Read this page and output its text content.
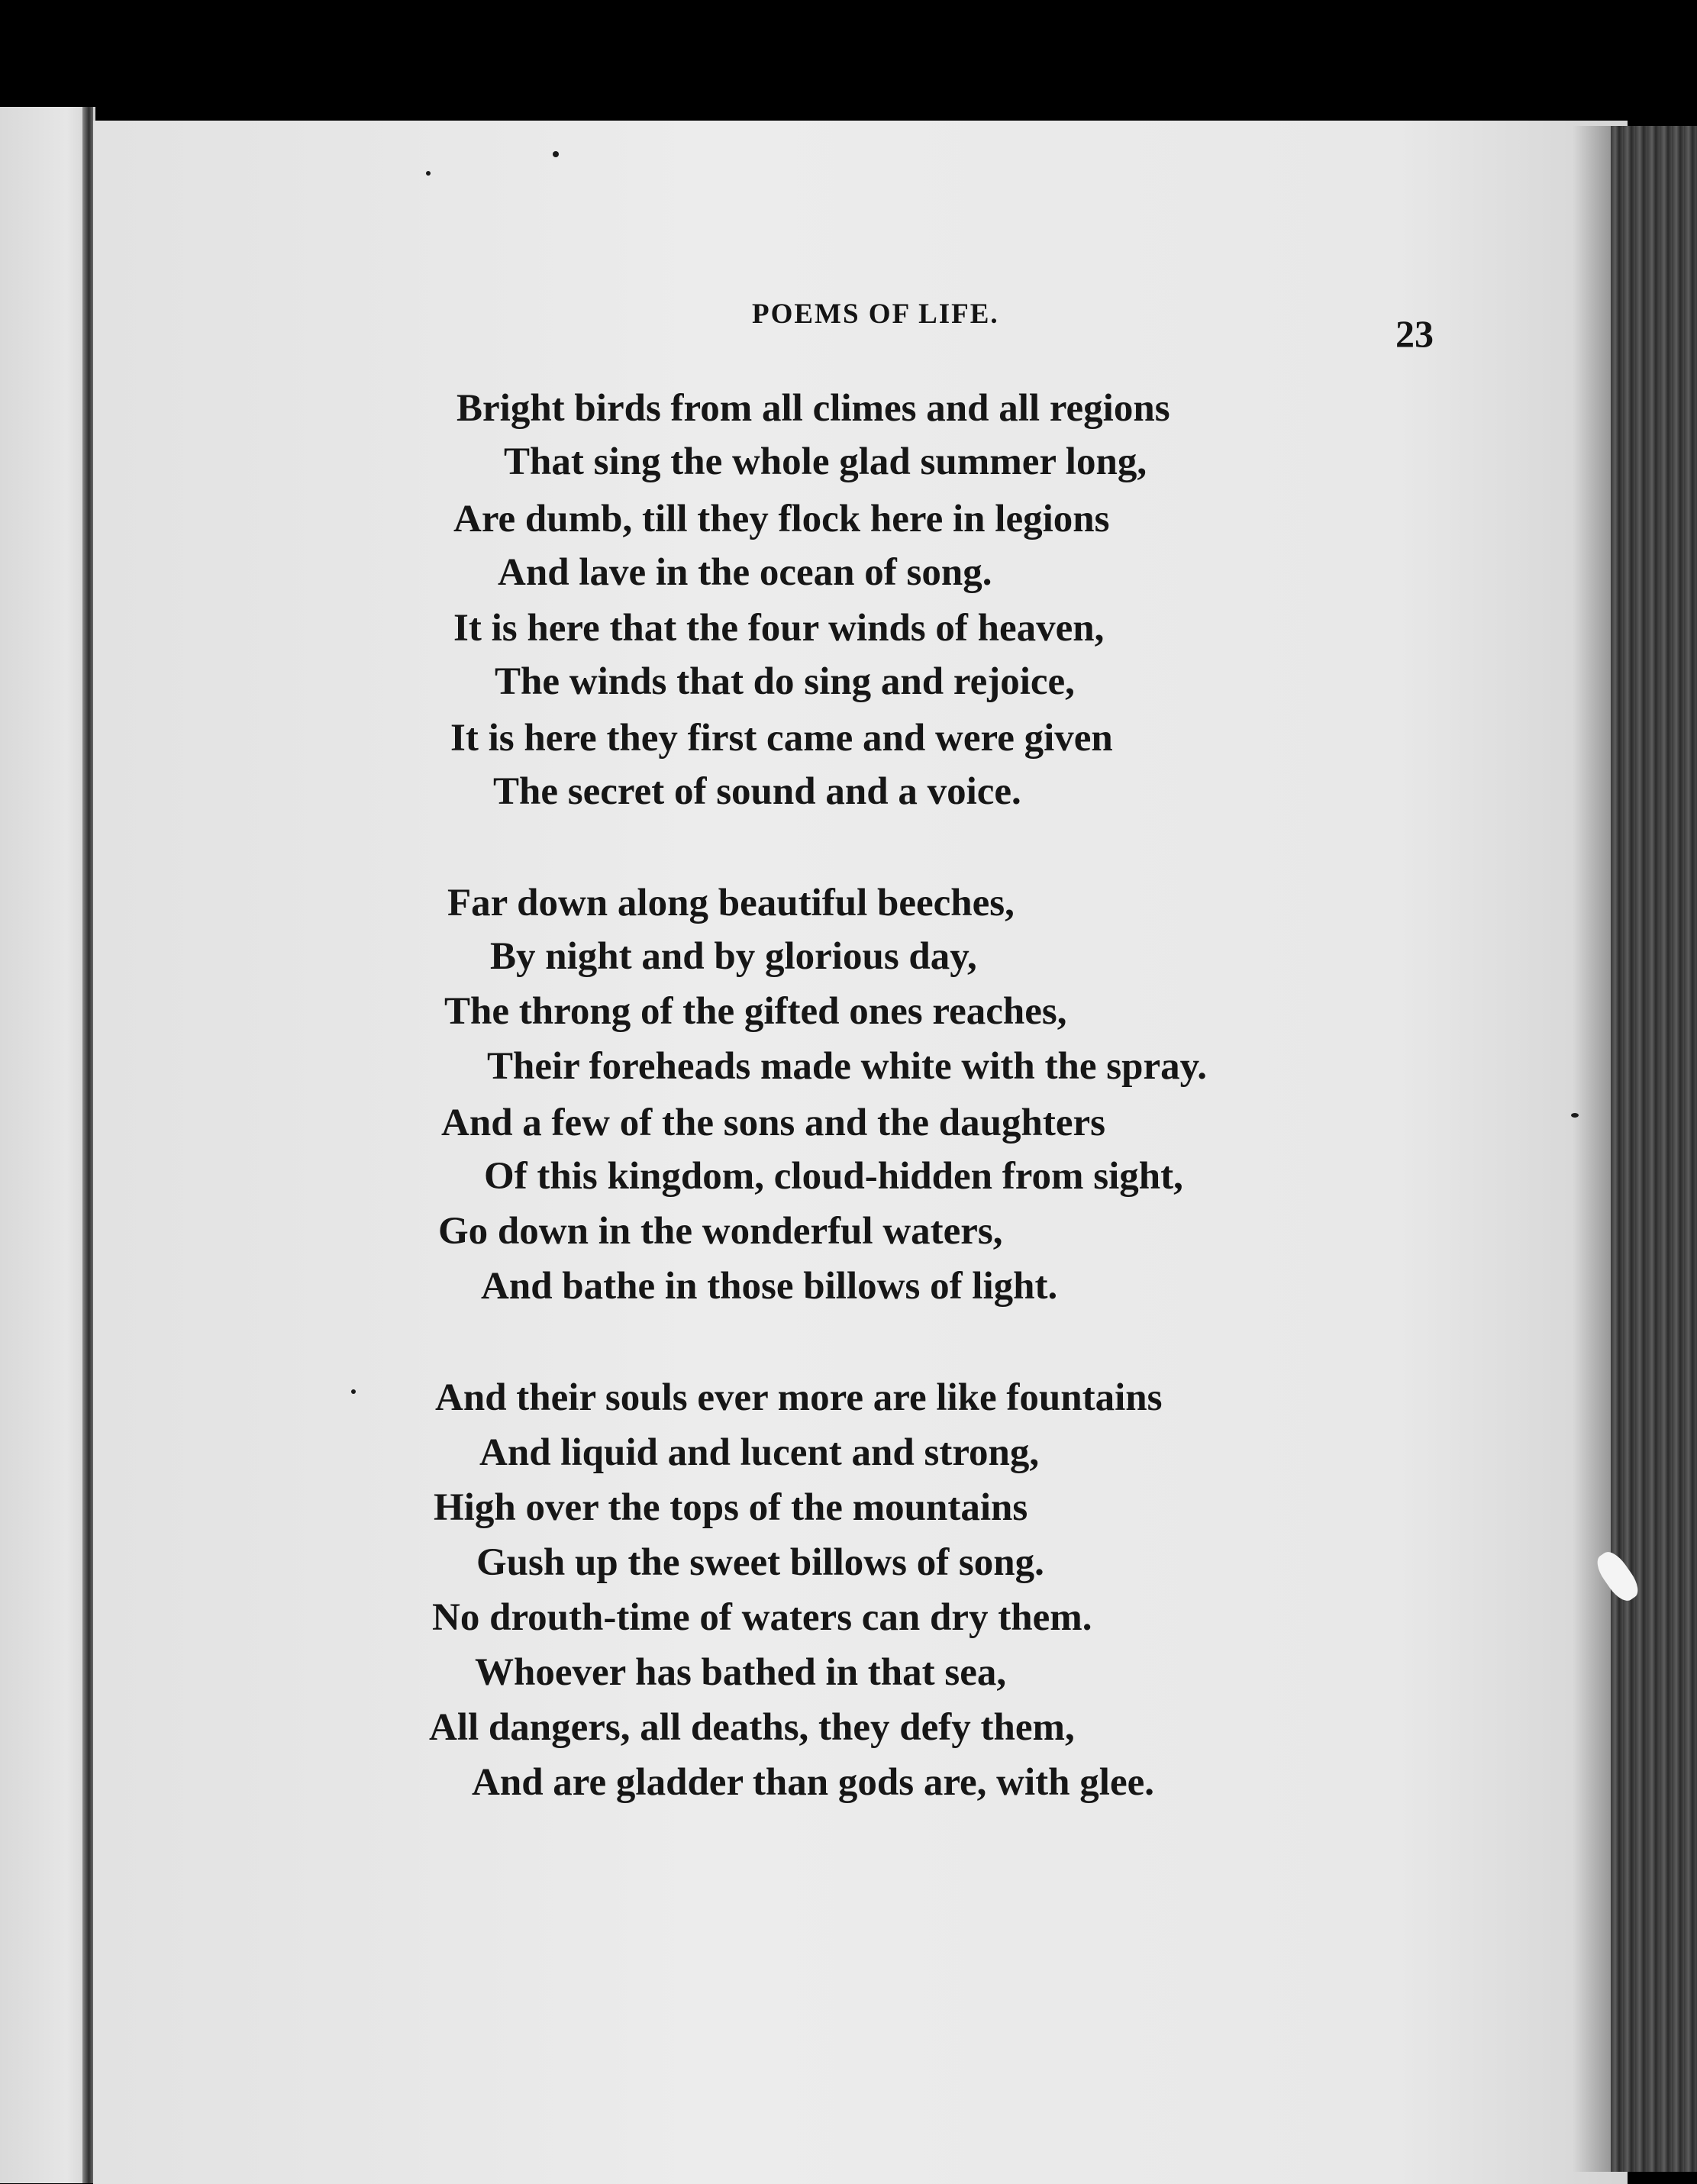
POEMS OF LIFE.	23
Bright birds from all climes and all regions
That sing the whole glad summer long,
Are dumb, till they flock here in legions
And lave in the ocean of song.
It is here that the four winds of heaven,
The winds that do sing and rejoice,
It is here they first came and were given
The secret of sound and a voice.
Far down along beautiful beeches,
By night and by glorious day,
The throng of the gifted ones reaches,
Their foreheads made white with the spray.
And a few of the sons and the daughters
Of this kingdom, cloud-hidden from sight,
Go down in the wonderful waters,
And bathe in those billows of light.
And their souls ever more are like fountains
And liquid and lucent and strong,
High over the tops of the mountains
Gush up the sweet billows of song.
No drouth-time of waters can dry them.
Whoever has bathed in that sea,
All dangers, all deaths, they defy them,
And are gladder than gods are, with glee.
